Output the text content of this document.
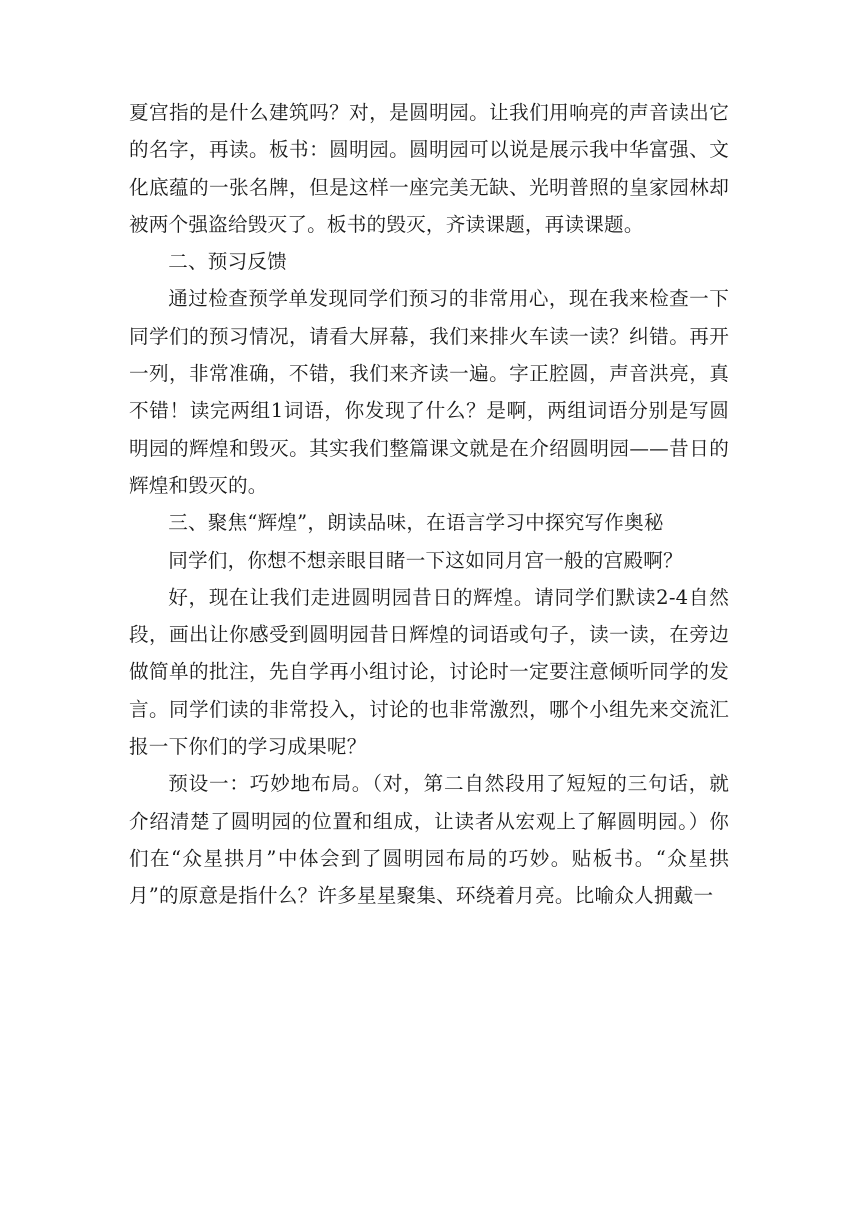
夏宫指的是什么建筑吗？对，是圆明园。让我们用响亮的声音读出它的名字，再读。板书：圆明园。圆明园可以说是展示我中华富强、文化底蕴的一张名牌，但是这样一座完美无缺、光明普照的皇家园林却被两个强盗给毁灭了。板书的毁灭，齐读课题，再读课题。

二、预习反馈

通过检查预学单发现同学们预习的非常用心，现在我来检查一下同学们的预习情况，请看大屏幕，我们来排火车读一读？纠错。再开一列，非常准确，不错，我们来齐读一遍。字正腔圆，声音洪亮，真不错！读完两组1词语，你发现了什么？是啊，两组词语分别是写圆明园的辉煌和毁灭。其实我们整篇课文就是在介绍圆明园——昔日的辉煌和毁灭的。

三、聚焦“辉煌”，朗读品味，在语言学习中探究写作奥秘

同学们，你想不想亲眼目睹一下这如同月宫一般的宫殿啊？

好，现在让我们走进圆明园昔日的辉煌。请同学们默读2-4自然段，画出让你感受到圆明园昔日辉煌的词语或句子，读一读，在旁边做简单的批注，先自学再小组讨论，讨论时一定要注意倾听同学的发言。同学们读的非常投入，讨论的也非常激烈，哪个小组先来交流汇报一下你们的学习成果呢？

预设一：巧妙地布局。（对，第二自然段用了短短的三句话，就介绍清楚了圆明园的位置和组成，让读者从宏观上了解圆明园。）你们在“众星拱月”中体会到了圆明园布局的巧妙。贴板书。“众星拱月”的原意是指什么？许多星星聚集、环绕着月亮。比喻众人拥戴一
